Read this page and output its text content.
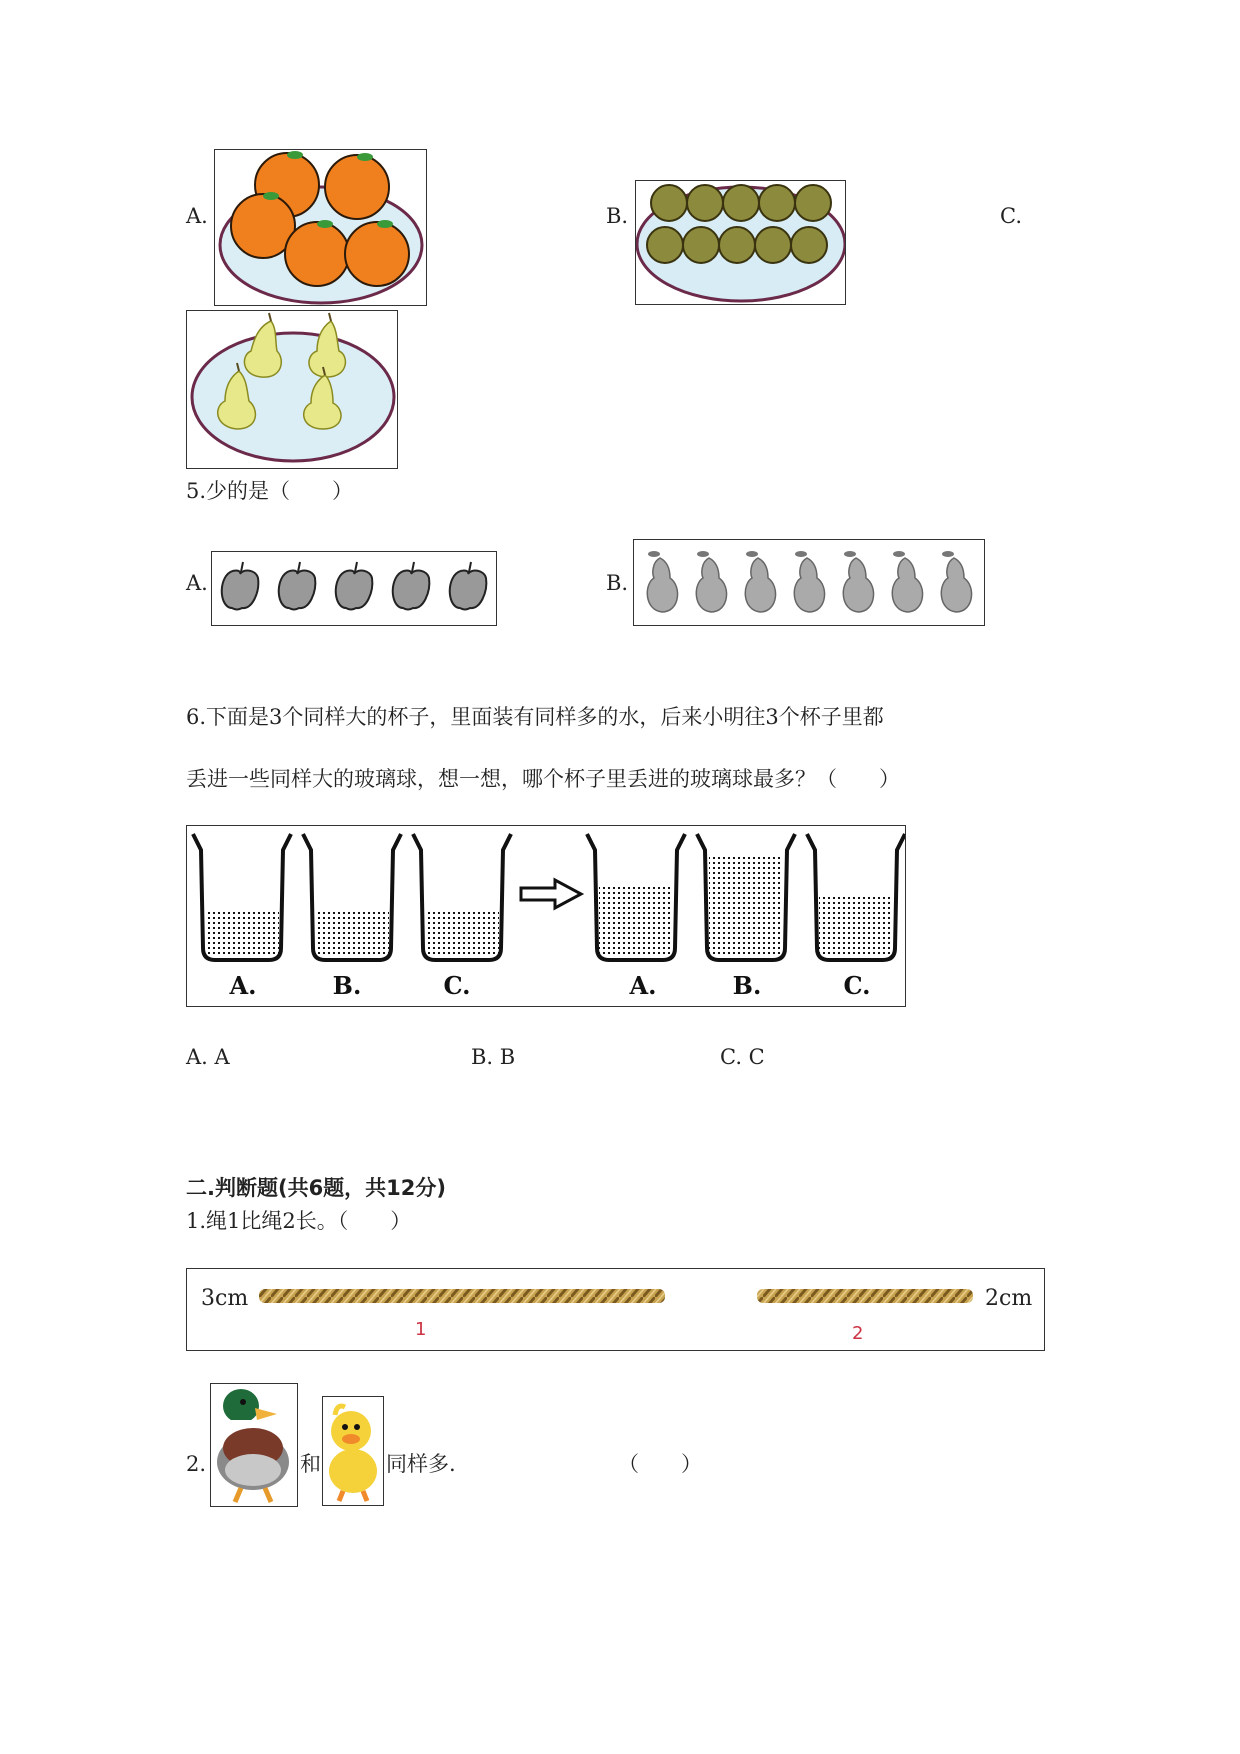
A.	B.	C.
5.少的是（　　）
A.	B.
6.下面是3个同样大的杯子，里面装有同样多的水，后来小明往3个杯子里都
丢进一些同样大的玻璃球，想一想，哪个杯子里丢进的玻璃球最多？（　　）
A.	B.	C.	A.	B.	C.
A. A	B. B	C. C
二.判断题(共6题，共12分)
1.绳1比绳2长。（　　）
3cm	2cm
1	2
2.	和	同样多.	（　　）
